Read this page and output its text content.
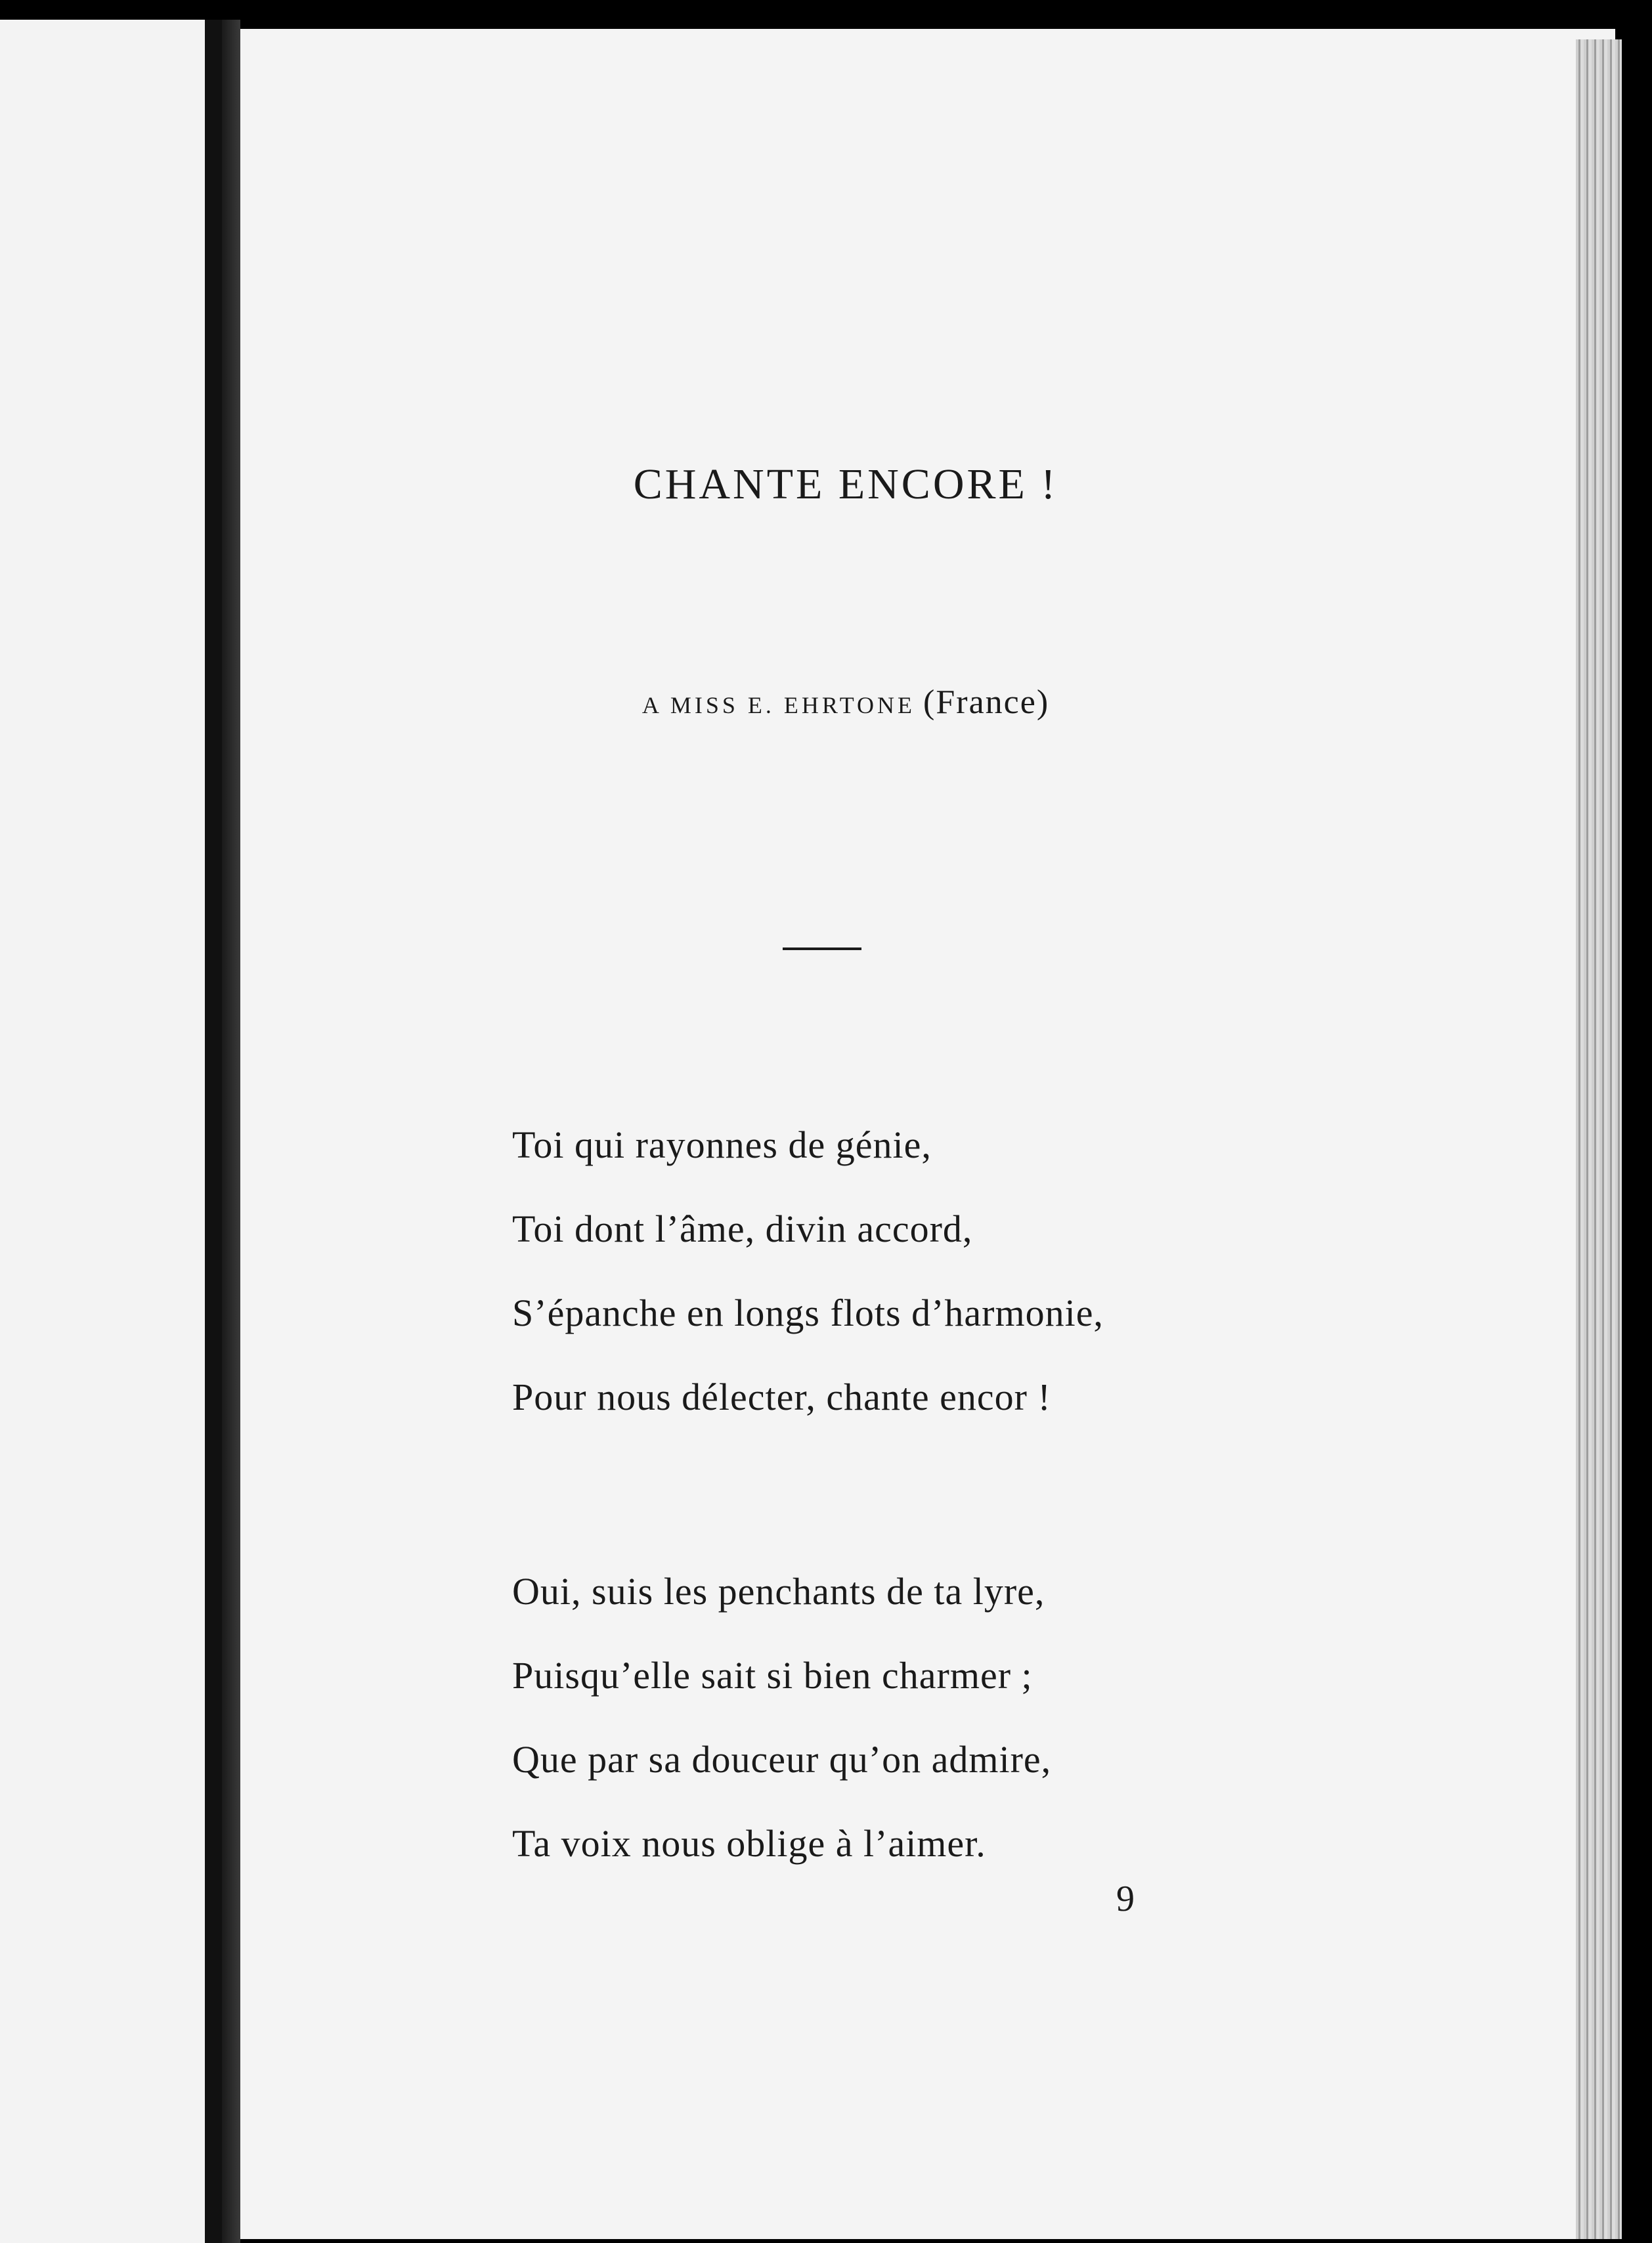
CHANTE ENCORE !
A MISS E. EHRTONE (France)
Toi qui rayonnes de génie,
Toi dont l’âme, divin accord,
S’épanche en longs flots d’harmonie,
Pour nous délecter, chante encor !
Oui, suis les penchants de ta lyre,
Puisqu’elle sait si bien charmer ;
Que par sa douceur qu’on admire,
Ta voix nous oblige à l’aimer.
9
